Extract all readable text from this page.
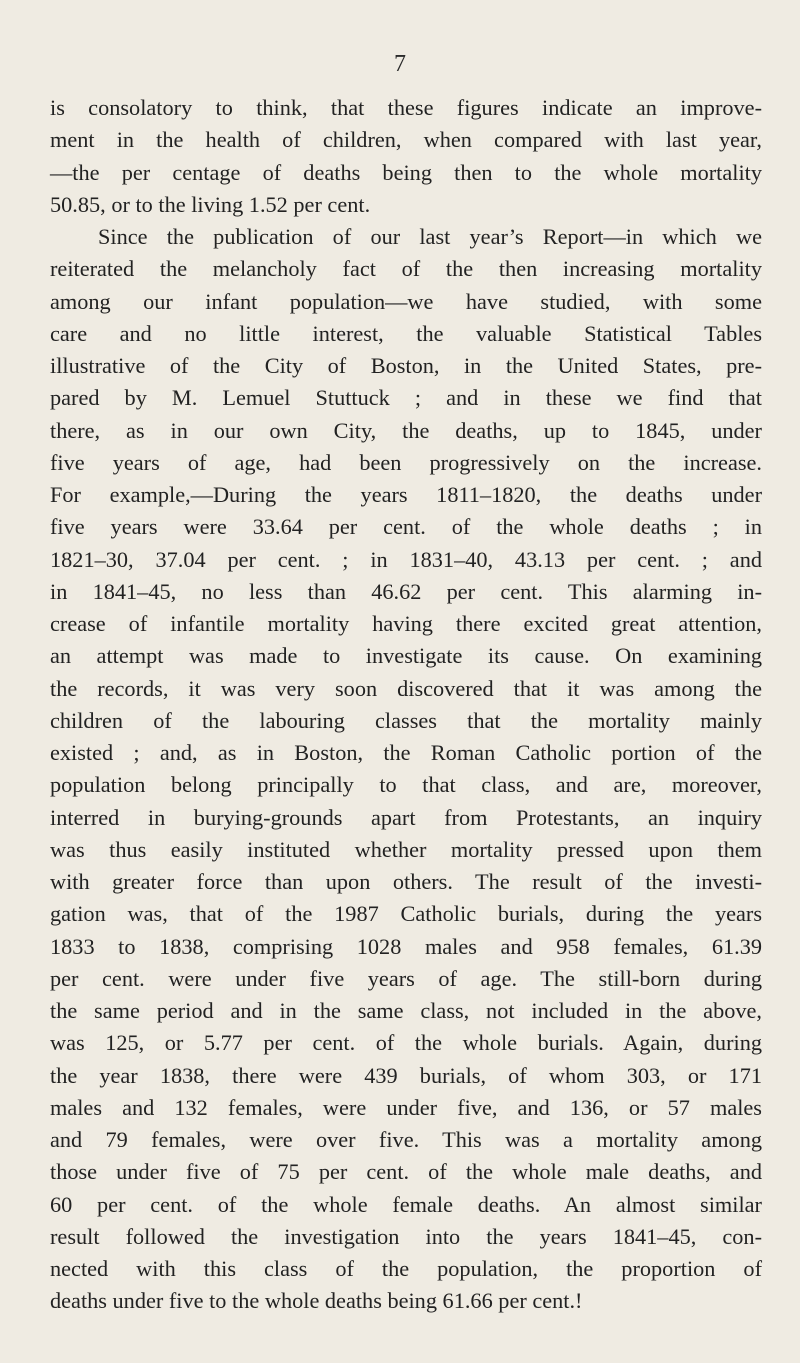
7
is consolatory to think, that these figures indicate an improve-
ment in the health of children, when compared with last year,
—the per centage of deaths being then to the whole mortality
50.85, or to the living 1.52 per cent.
Since the publication of our last year’s Report—in which we
reiterated the melancholy fact of the then increasing mortality
among our infant population—we have studied, with some
care and no little interest, the valuable Statistical Tables
illustrative of the City of Boston, in the United States, pre-
pared by M. Lemuel Stuttuck ; and in these we find that
there, as in our own City, the deaths, up to 1845, under
five years of age, had been progressively on the increase.
For example,—During the years 1811–1820, the deaths under
five years were 33.64 per cent. of the whole deaths ; in
1821–30, 37.04 per cent. ; in 1831–40, 43.13 per cent. ; and
in 1841–45, no less than 46.62 per cent. This alarming in-
crease of infantile mortality having there excited great attention,
an attempt was made to investigate its cause. On examining
the records, it was very soon discovered that it was among the
children of the labouring classes that the mortality mainly
existed ; and, as in Boston, the Roman Catholic portion of the
population belong principally to that class, and are, moreover,
interred in burying-grounds apart from Protestants, an inquiry
was thus easily instituted whether mortality pressed upon them
with greater force than upon others. The result of the investi-
gation was, that of the 1987 Catholic burials, during the years
1833 to 1838, comprising 1028 males and 958 females, 61.39
per cent. were under five years of age. The still-born during
the same period and in the same class, not included in the above,
was 125, or 5.77 per cent. of the whole burials. Again, during
the year 1838, there were 439 burials, of whom 303, or 171
males and 132 females, were under five, and 136, or 57 males
and 79 females, were over five. This was a mortality among
those under five of 75 per cent. of the whole male deaths, and
60 per cent. of the whole female deaths. An almost similar
result followed the investigation into the years 1841–45, con-
nected with this class of the population, the proportion of
deaths under five to the whole deaths being 61.66 per cent.!
